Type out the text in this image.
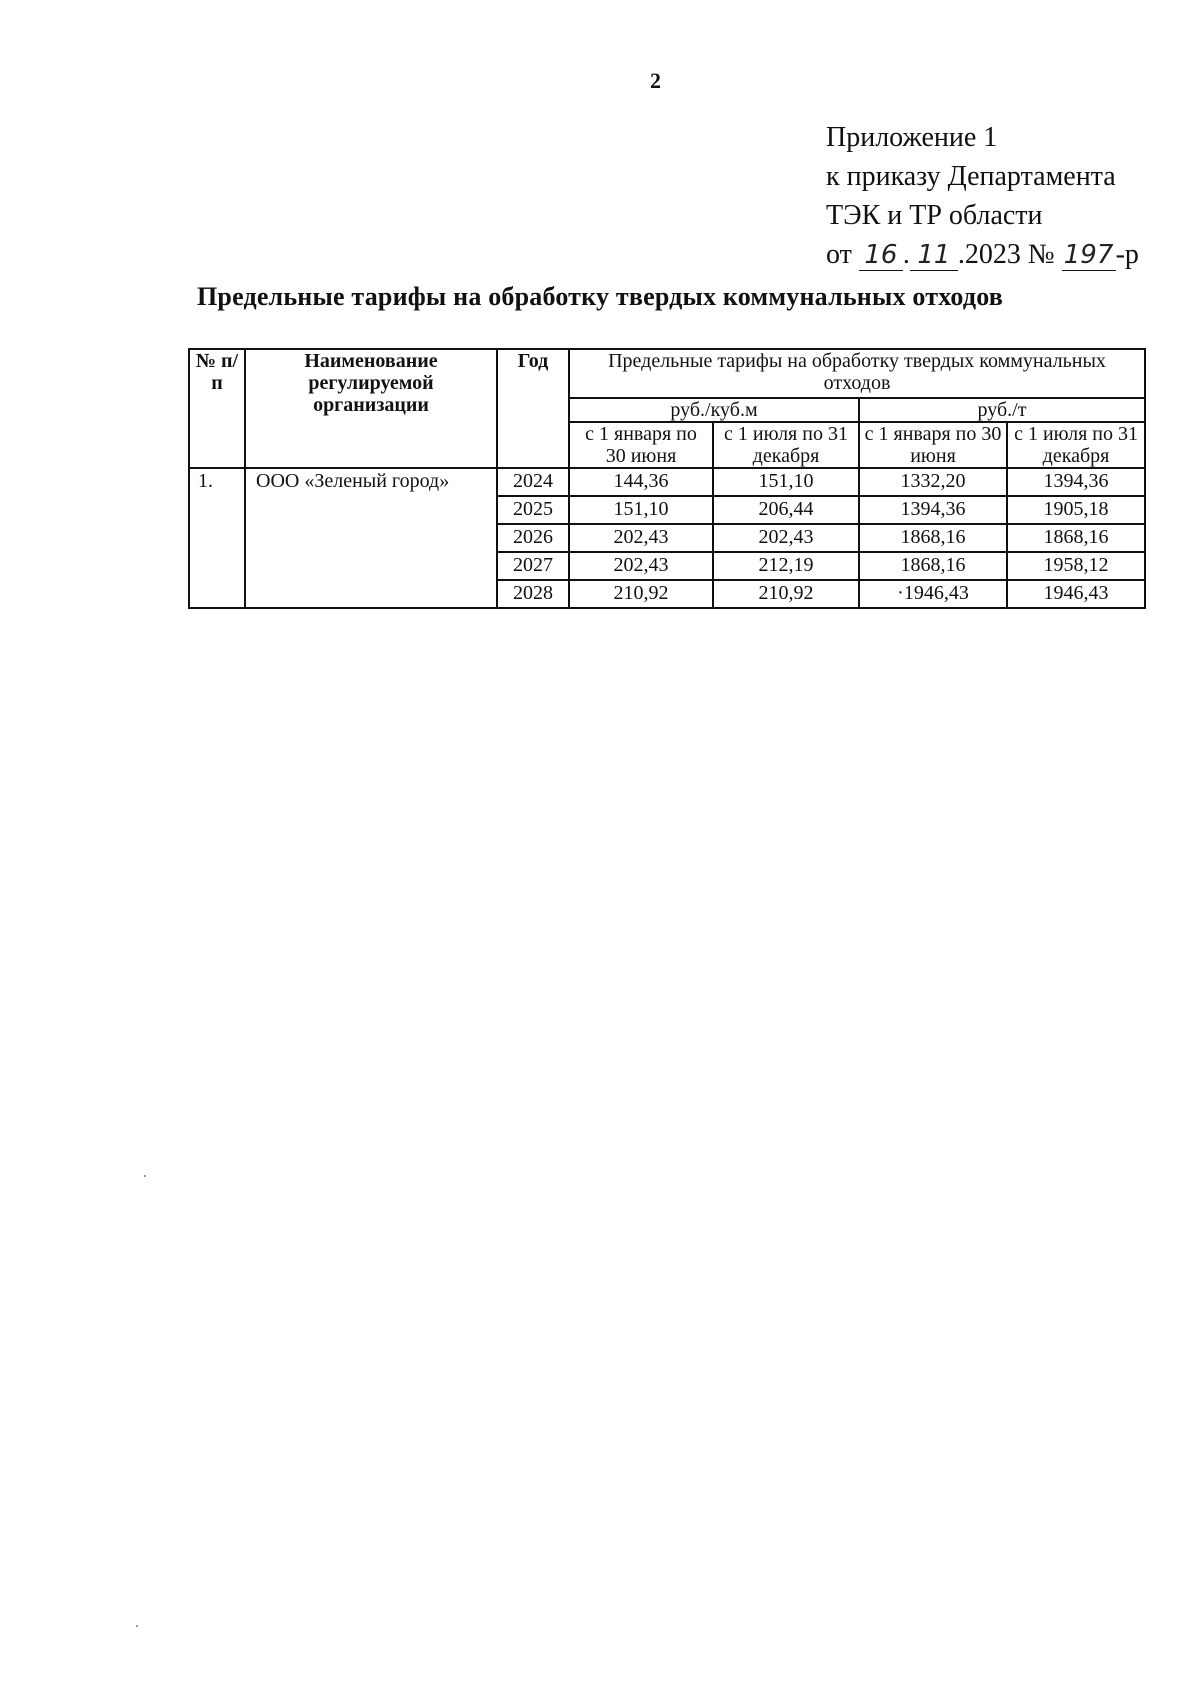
2
Приложение 1
к приказу Департамента
ТЭК и ТР области
от 16 . 11 .2023 № 197-р
Предельные тарифы на обработку твердых коммунальных отходов
№ п/п	Наименование регулируемой организации	Год	Предельные тарифы на обработку твердых коммунальных отходов			
			руб./куб.м		руб./т	
			с 1 января по 30 июня	с 1 июля по 31 декабря	с 1 января по 30 июня	с 1 июля по 31 декабря
1.	ООО «Зеленый город»	2024	144,36	151,10	1332,20	1394,36
		2025	151,10	206,44	1394,36	1905,18
		2026	202,43	202,43	1868,16	1868,16
		2027	202,43	212,19	1868,16	1958,12
		2028	210,92	210,92	·1946,43	1946,43
